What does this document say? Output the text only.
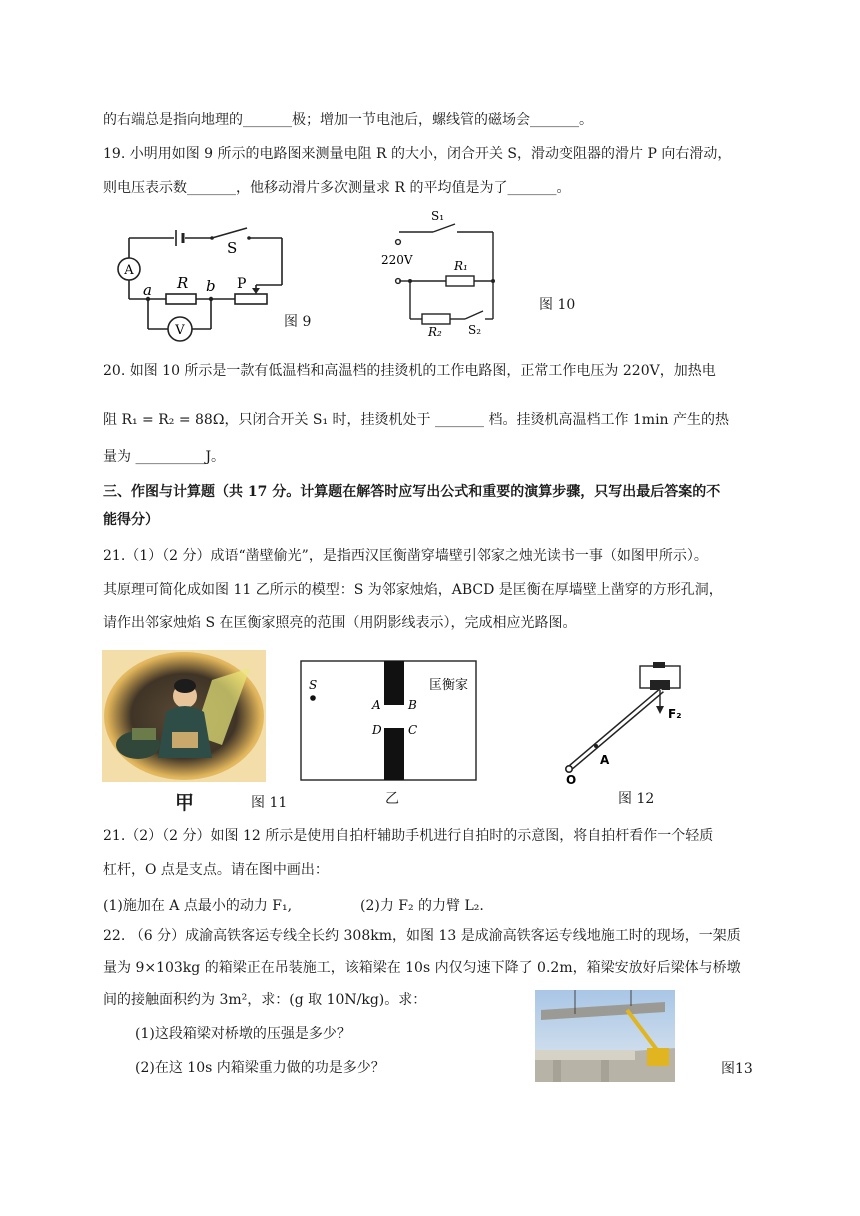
的右端总是指向地理的_______极；增加一节电池后，螺线管的磁场会_______。
19. 小明用如图 9 所示的电路图来测量电阻 R 的大小，闭合开关 S，滑动变阻器的滑片 P 向右滑动，
则电压表示数_______，他移动滑片多次测量求 R 的平均值是为了_______。
A
V
S
R
a	b P
图 9
S₁
220V	R₁
R₂ S₂
图 10
20. 如图 10 所示是一款有低温档和高温档的挂烫机的工作电路图，正常工作电压为 220V，加热电
阻 R₁ = R₂ = 88Ω，只闭合开关 S₁ 时，挂烫机处于 _______ 档。挂烫机高温档工作 1min 产生的热
量为 __________J。
三、作图与计算题（共 17 分。计算题在解答时应写出公式和重要的演算步骤，只写出最后答案的不
能得分）
21.（1）（2 分）成语“凿壁偷光”，是指西汉匡衡凿穿墙壁引邻家之烛光读书一事（如图甲所示）。
其原理可简化成如图 11 乙所示的模型：S 为邻家烛焰，ABCD 是匡衡在厚墙壁上凿穿的方形孔洞，
请作出邻家烛焰 S 在匡衡家照亮的范围（用阴影线表示），完成相应光路图。
甲	图 11
S
A B
C
D
匡衡家
乙
F₂
A
O
图 12
21.（2）（2 分）如图 12 所示是使用自拍杆辅助手机进行自拍时的示意图，将自拍杆看作一个轻质
杠杆，O 点是支点。请在图中画出：
(1)施加在 A 点最小的动力 F₁,	(2)力 F₂ 的力臂 L₂.
22. （6 分）成渝高铁客运专线全长约 308km，如图 13 是成渝高铁客运专线地施工时的现场，一架质
量为 9×103kg 的箱梁正在吊装施工，该箱梁在 10s 内仅匀速下降了 0.2m，箱梁安放好后梁体与桥墩
间的接触面积约为 3m²，求：(g 取 10N/kg)。求：
(1)这段箱梁对桥墩的压强是多少？
(2)在这 10s 内箱梁重力做的功是多少？	图13
